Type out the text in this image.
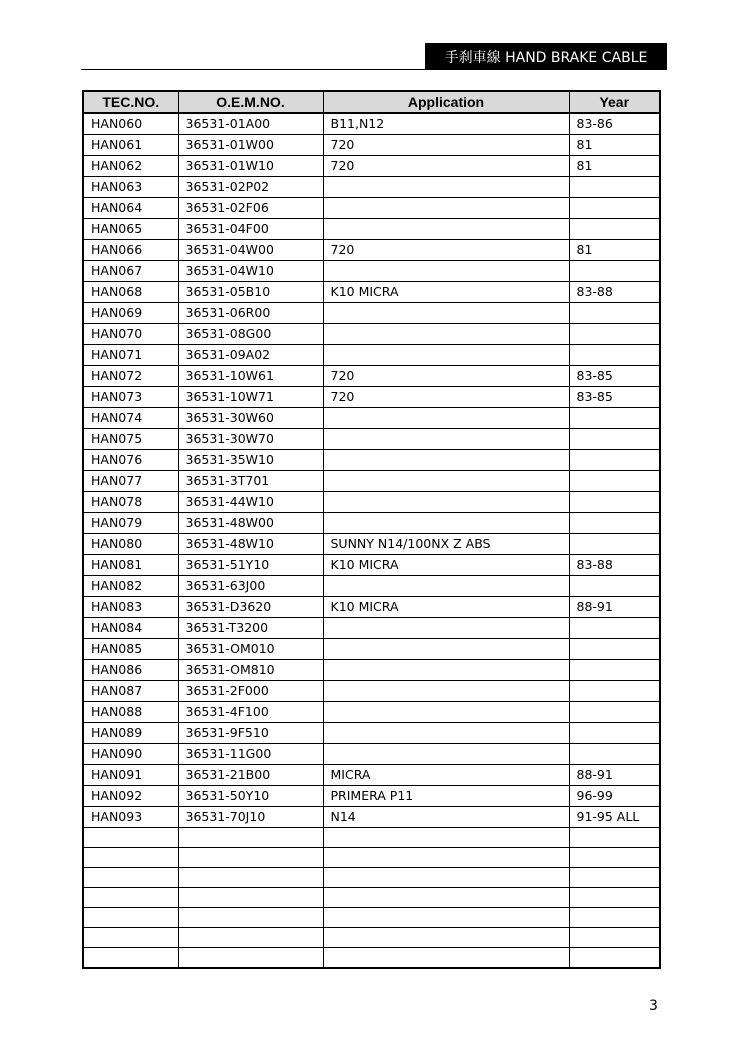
手刹車線 HAND BRAKE CABLE
TEC.NO.	O.E.M.NO.	Application	Year
HAN060	36531-01A00	B11,N12	83-86
HAN061	36531-01W00	720	81
HAN062	36531-01W10	720	81
HAN063	36531-02P02		
HAN064	36531-02F06		
HAN065	36531-04F00		
HAN066	36531-04W00	720	81
HAN067	36531-04W10		
HAN068	36531-05B10	K10 MICRA	83-88
HAN069	36531-06R00		
HAN070	36531-08G00		
HAN071	36531-09A02		
HAN072	36531-10W61	720	83-85
HAN073	36531-10W71	720	83-85
HAN074	36531-30W60		
HAN075	36531-30W70		
HAN076	36531-35W10		
HAN077	36531-3T701		
HAN078	36531-44W10		
HAN079	36531-48W00		
HAN080	36531-48W10	SUNNY N14/100NX Z ABS	
HAN081	36531-51Y10	K10 MICRA	83-88
HAN082	36531-63J00		
HAN083	36531-D3620	K10 MICRA	88-91
HAN084	36531-T3200		
HAN085	36531-OM010		
HAN086	36531-OM810		
HAN087	36531-2F000		
HAN088	36531-4F100		
HAN089	36531-9F510		
HAN090	36531-11G00		
HAN091	36531-21B00	MICRA	88-91
HAN092	36531-50Y10	PRIMERA P11	96-99
HAN093	36531-70J10	N14	91-95 ALL

3
